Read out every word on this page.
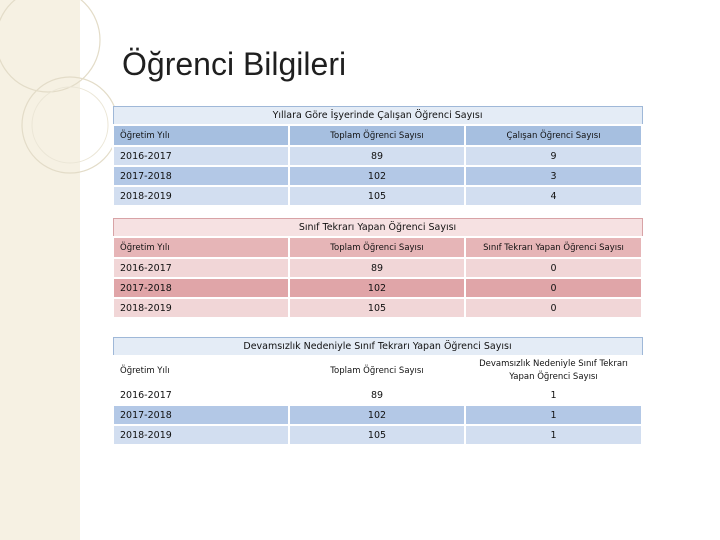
Öğrenci Bilgileri
Yıllara Göre İşyerinde Çalışan Öğrenci Sayısı		
Öğretim Yılı	Toplam Öğrenci Sayısı	Çalışan Öğrenci Sayısı
2016-2017	89	9
2017-2018	102	3
2018-2019	105	4
Sınıf Tekrarı Yapan Öğrenci Sayısı		
Öğretim Yılı	Toplam Öğrenci Sayısı	Sınıf Tekrarı Yapan Öğrenci Sayısı
2016-2017	89	0
2017-2018	102	0
2018-2019	105	0
Devamsızlık Nedeniyle Sınıf Tekrarı Yapan Öğrenci Sayısı		
Öğretim Yılı	Toplam Öğrenci Sayısı	Devamsızlık Nedeniyle Sınıf Tekrarı Yapan Öğrenci Sayısı
2016-2017	89	1
2017-2018	102	1
2018-2019	105	1
